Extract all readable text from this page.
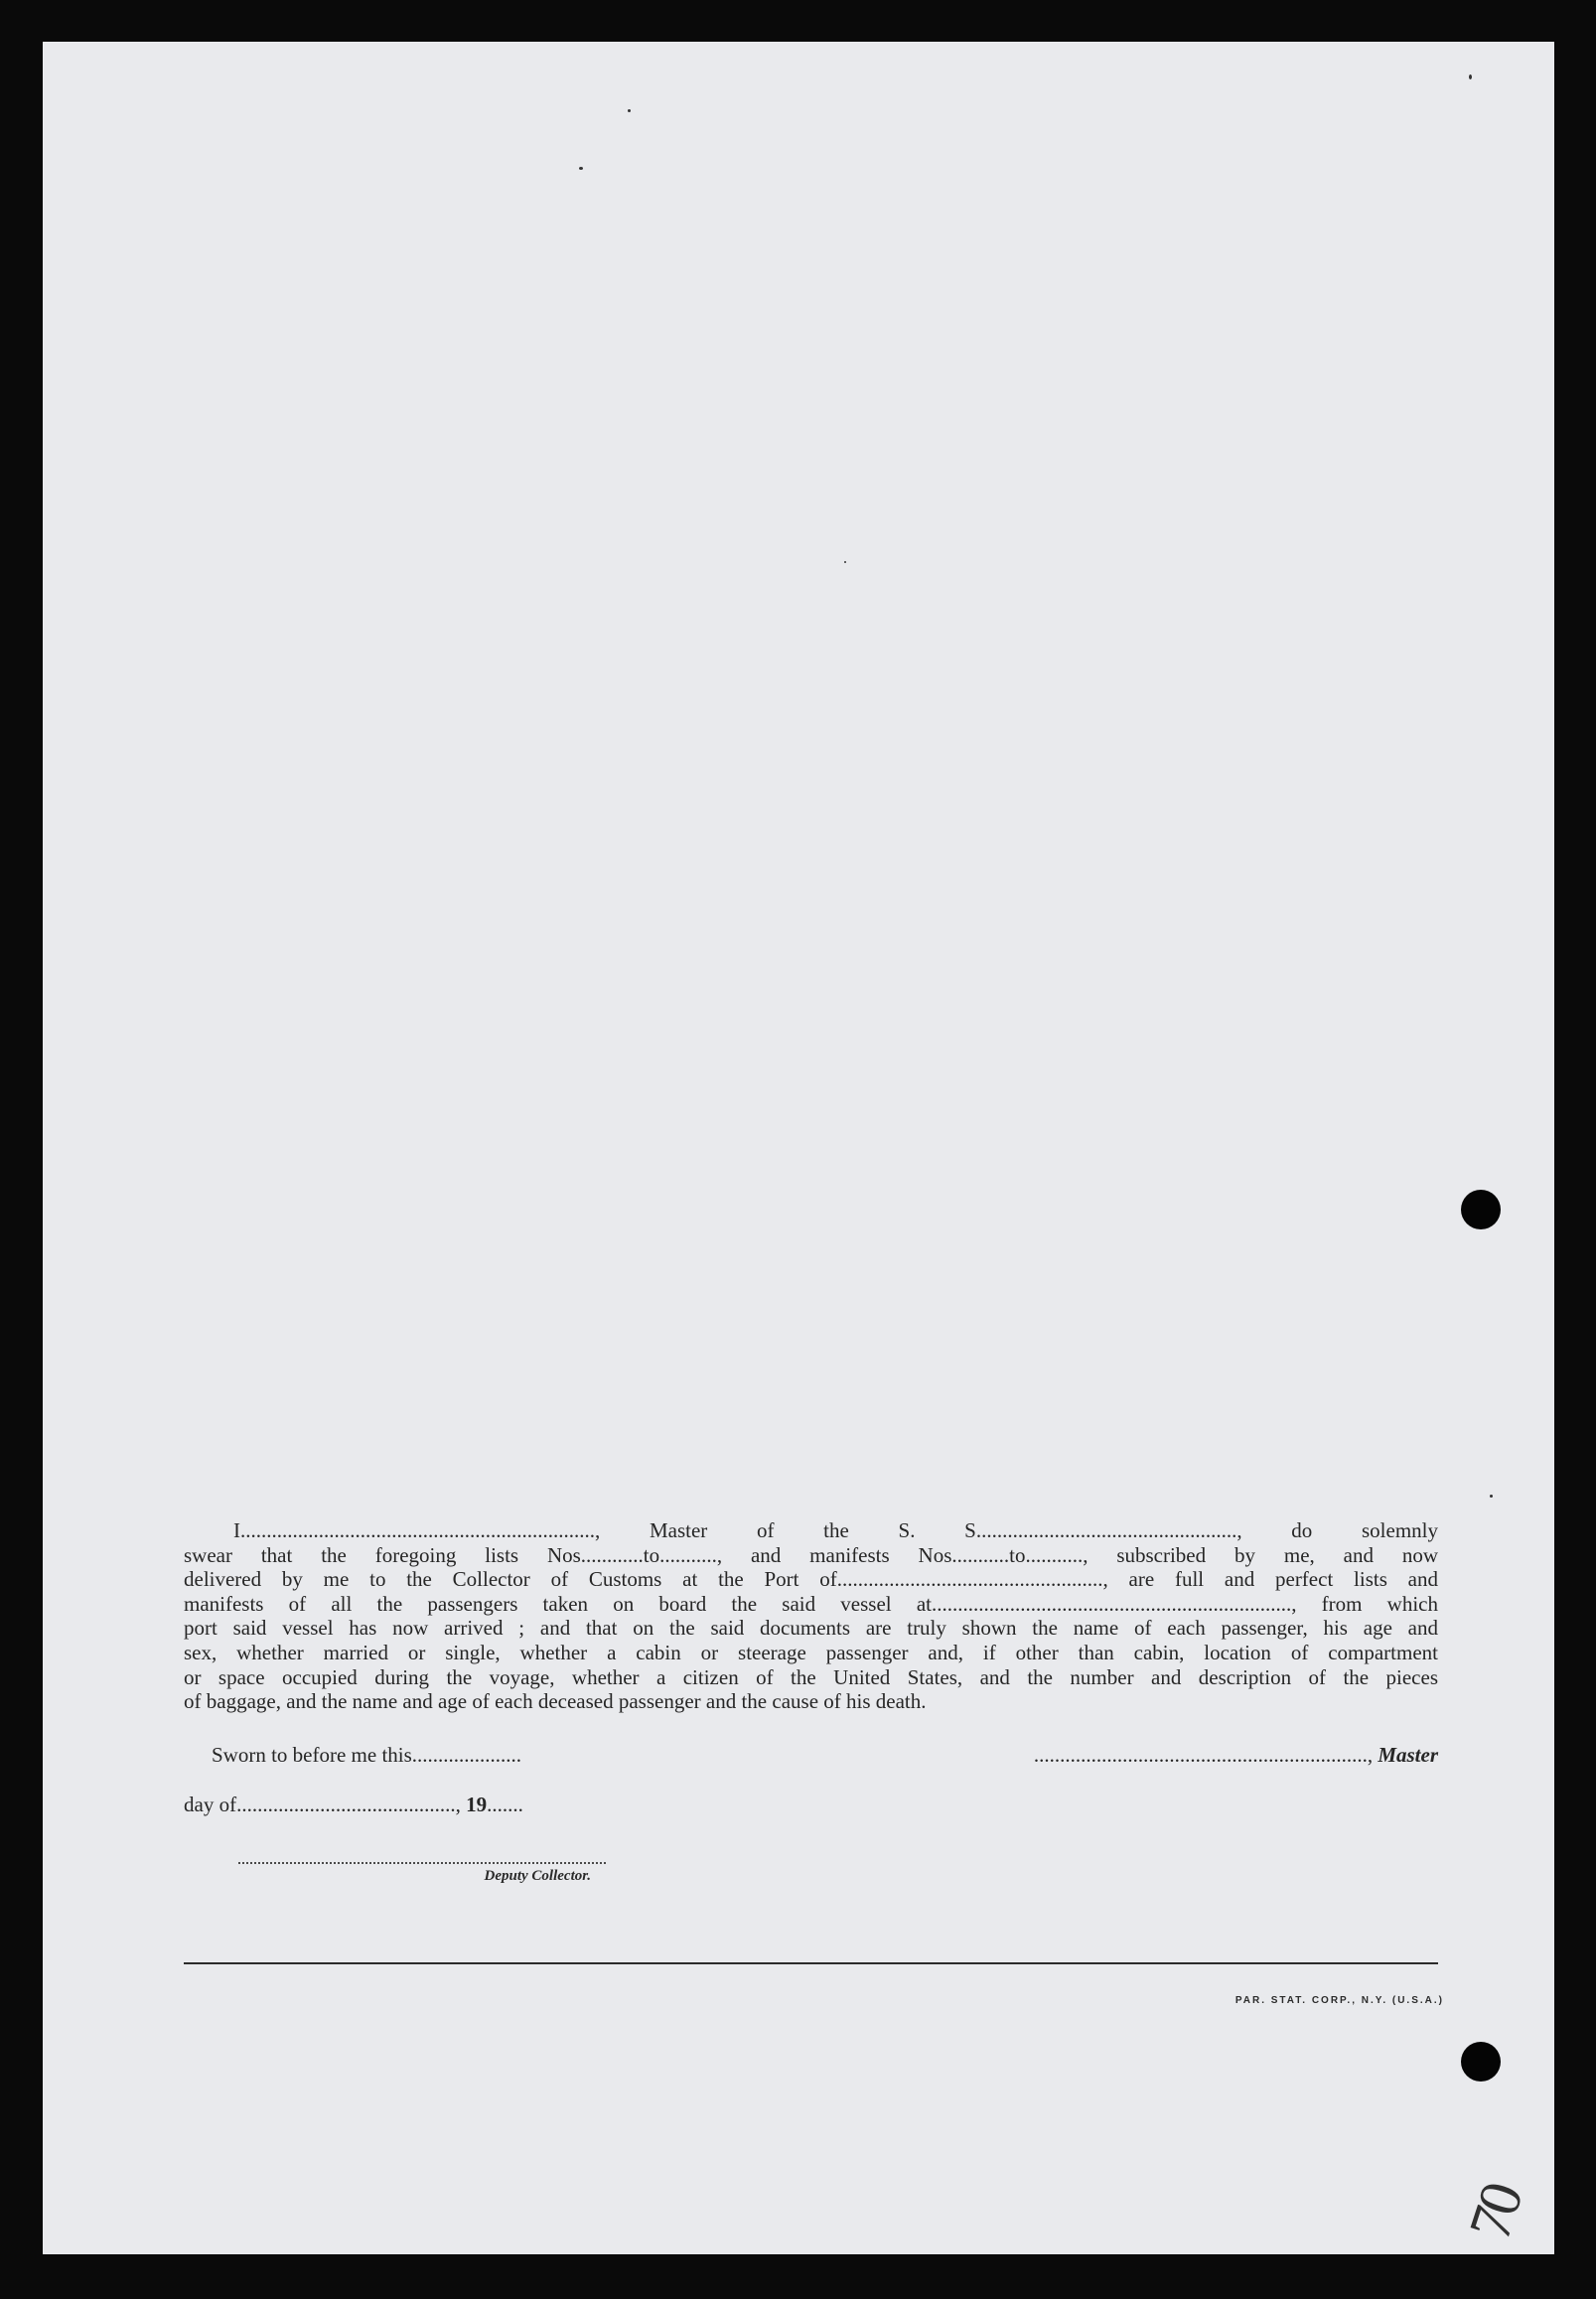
I...................................................................., Master of the S. S.................................................., do solemnly
swear that the foregoing lists Nos............to..........., and manifests Nos...........to..........., subscribed by me, and now
delivered by me to the Collector of Customs at the Port of..................................................., are full and perfect lists and
manifests of all the passengers taken on board the said vessel at....................................................................., from which
port said vessel has now arrived ; and that on the said documents are truly shown the name of each passenger, his age and
sex, whether married or single, whether a cabin or steerage passenger and, if other than cabin, location of compartment
or space occupied during the voyage, whether a citizen of the United States, and the number and description of the pieces
of baggage, and the name and age of each deceased passenger and the cause of his death.
Sworn to before me this.....................	................................................................, Master
day of.........................................., 19.......
Deputy Collector.
PAR. STAT. CORP., N.Y. (U.S.A.)
70
